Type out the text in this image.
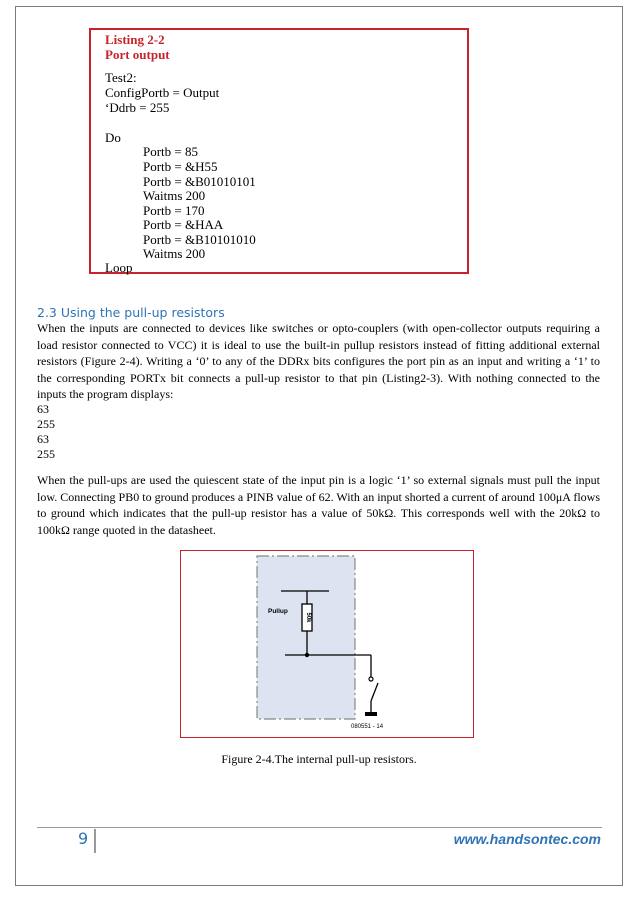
Listing 2-2
Port output
Test2:
ConfigPortb = Output
‘Ddrb = 255
Do
Portb = 85
Portb = &H55
Portb = &B01010101
Waitms 200
Portb = 170
Portb = &HAA
Portb = &B10101010
Waitms 200
Loop
2.3 Using the pull-up resistors
When the inputs are connected to devices like switches or opto-couplers (with open-collector outputs requiring a load resistor connected to VCC) it is ideal to use the built-in pullup resistors instead of fitting additional external resistors (Figure 2-4). Writing a ‘0’ to any of the DDRx bits configures the port pin as an input and writing a ‘1’ to the corresponding PORTx bit connects a pull-up resistor to that pin (Listing2-3). With nothing connected to the inputs the program displays:
63
255
63
255
When the pull-ups are used the quiescent state of the input pin is a logic ‘1’ so external signals must pull the input low. Connecting PB0 to ground produces a PINB value of 62. With an input shorted a current of around 100μA flows to ground which indicates that the pull-up resistor has a value of 50kΩ. This corresponds well with the 20kΩ to 100kΩ range quoted in the datasheet.
50k
Pullup
080551 - 14
Figure 2-4.The internal pull-up resistors.
9	www.handsontec.com
